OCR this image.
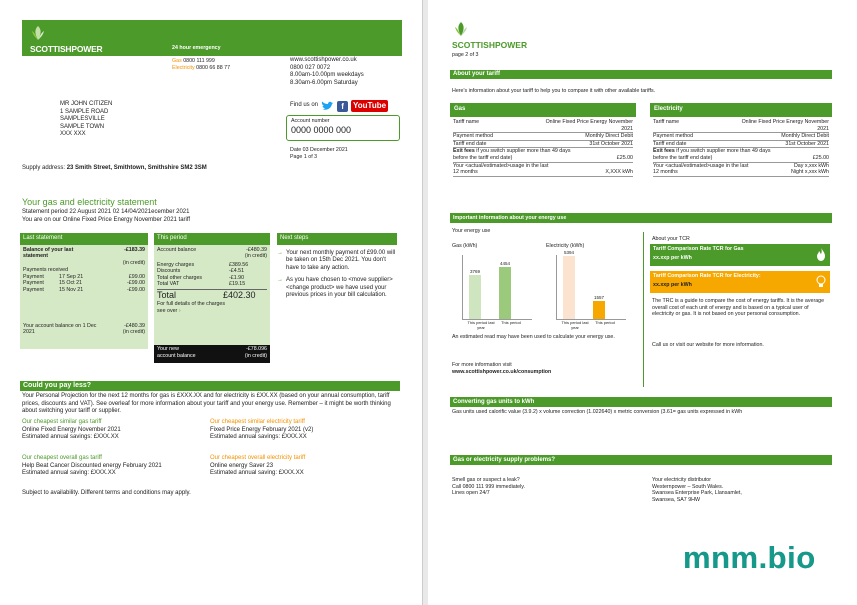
SCOTTISHPOWER	24 hour emergency
Gas 0800 111 999
Electricity 0800 66 88 77
www.scottishpower.co.uk
0800 027 0072
8.00am-10.00pm weekdays
8.30am-6.00pm Saturday
Find us on	f	YouTube
MR JOHN CITIZEN
1 SAMPLE ROAD
SAMPLESVILLE
SAMPLE TOWN
XXX XXX
Account number
0000 0000 000
Date 03 December 2021
Page 1 of 3
Supply address: 23 Smith Street, Smithtown, Smithshire SM2 3SM
Your gas and electricity statement
Statement period 22 August 2021 02 14/04/2021ecember 2021
You are on our Online Fixed Price Energy November 2021 tariff
Last statement
Balance of your last statement
-£183.39
(in credit)
Payments received
Payment	17 Sep 21	£99.00
Payment	15 Oct 21	-£99.00
Payment	15 Nov 21	-£99.00
Your account balance on 1 Dec 2021
-£480.39
(in credit)
This period
Account balance	-£480.39
(in credit)
Energy charges	£389.56
Discounts	-£4.51
Total other charges	-£1.90
Total VAT	£19.15
Total	£402.30
For full details of the charges see over ›
Your new	-£78.096
account balance	(in credit)
Next steps
→ Your next monthly payment of £99.00 will be taken on 15th Dec 2021. You don't have to take any action.
→ As you have chosen to <move supplier><change product> we have used your previous prices in your bill calculation.
Could you pay less?
Your Personal Projection for the next 12 months for gas is £XXX.XX and for electricity is £XX.XX (based on your annual consumption, tariff prices, discounts and VAT). See overleaf for more information about your tariff and your energy use. Remember – it might be worth thinking about switching your tariff or supplier.
Our cheapest similar gas tariff
Online Fixed Energy November 2021
Estimated annual savings: £XXX.XX
Our cheapest similar electricity tariff
Fixed Price Energy February 2021 (v2)
Estimated annual savings: £XXX.XX
Our cheapest overall gas tariff
Help Beat Cancer Discounted energy February 2021
Estimated annual saving: £XXX.XX
Our cheapest overall electricity tariff
Online energy Saver 23
Estimated annual saving: £XXX.XX
Subject to availability. Different terms and conditions may apply.
SCOTTISHPOWER
page 2 of 3
About your tariff
Here's information about your tariff to help you to compare it with other available tariffs.
Gas
Tariff name	Online Fixed Price Energy November 2021
Payment method	Monthly Direct Debit
Tariff end date	31st October 2021
Exit fees if you switch supplier more than 49 days before the tariff end date)	£25.00
Your <actual/estimated>usage in the last 12 months	X,XXX kWh
Electricity
Tariff name	Online Fixed Price Energy November 2021
Payment method	Monthly Direct Debit
Tariff end date	31st October 2021
Exit fees if you switch supplier more than 49 days before the tariff end date)	£25.00
Your <actual/estimated>usage in the last 12 months
Day x,xxx kWh
Night x,xxx kWh
Important information about your energy use
Your energy use
Gas (kWh)
3769
4454
This period last year
This period
Electricity (kWh)
5394
1557
This period last year
This period
An estimated read may have been used to calculate your energy use.
For more information visit
www.scottishpower.co.uk/consumption
About your TCR
Tariff Comparison Rate TCR for Gas
xx.xxp per kWh
Tariff Comparison Rate TCR for Electricity:
xx.xxp per kWh
The TRC is a guide to compare the cost of energy tariffs. It is the average overall cost of each unit of energy and is based on a typical user of electricity or gas. It is not based on your personal consumption.
Call us or visit our website for more information.
Converting gas units to kWh
Gas units used calorific value (3.9.2) x volume correction (1.022640) x metric conversion (3.61= gas units expressed in kWh
Gas or electricity supply problems?
Smell gas or suspect a leak?
Call 0800 111 999 immediately.
Lines open 24/7
Your electricity distributor
Westernpower – South Wales.
Swansea Enterprise Park, Llansamlet,
Swansea, SA7 9HW
mnm.bio
